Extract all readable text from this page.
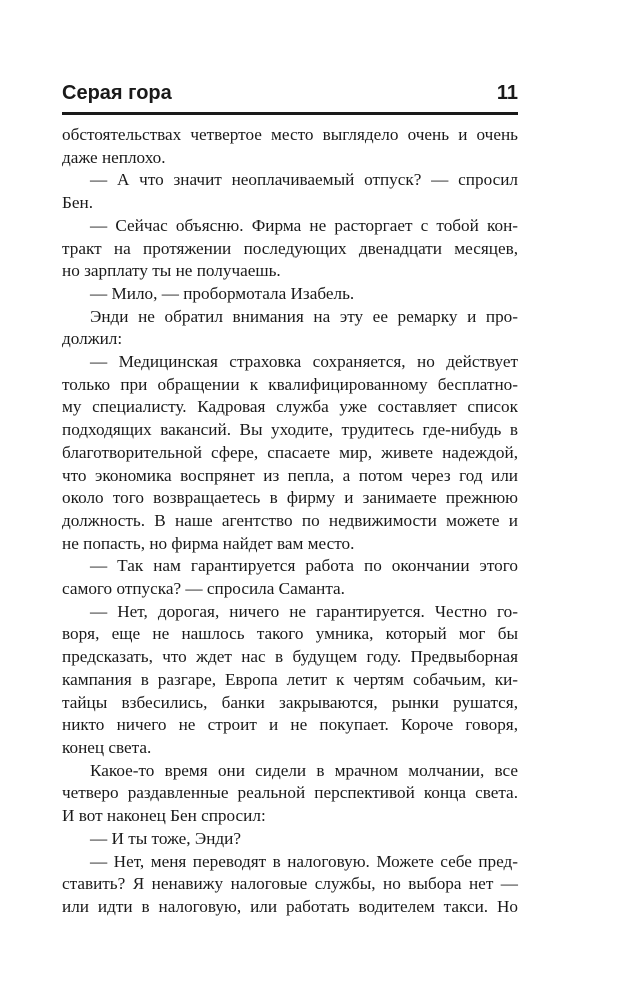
Серая гора	11

обстоятельствах четвертое место выглядело очень и очень

даже неплохо.

— А что значит неоплачиваемый отпуск? — спросил

Бен.

— Сейчас объясню. Фирма не расторгает с тобой кон-

тракт на протяжении последующих двенадцати месяцев,

но зарплату ты не получаешь.

— Мило, — пробормотала Изабель.

Энди не обратил внимания на эту ее ремарку и про-

должил:

— Медицинская страховка сохраняется, но действует

только при обращении к квалифицированному бесплатно-

му специалисту. Кадровая служба уже составляет список

подходящих вакансий. Вы уходите, трудитесь где-нибудь в

благотворительной сфере, спасаете мир, живете надеждой,

что экономика воспрянет из пепла, а потом через год или

около того возвращаетесь в фирму и занимаете прежнюю

должность. В наше агентство по недвижимости можете и

не попасть, но фирма найдет вам место.

— Так нам гарантируется работа по окончании этого

самого отпуска? — спросила Саманта.

— Нет, дорогая, ничего не гарантируется. Честно го-

воря, еще не нашлось такого умника, который мог бы

предсказать, что ждет нас в будущем году. Предвыборная

кампания в разгаре, Европа летит к чертям собачьим, ки-

тайцы взбесились, банки закрываются, рынки рушатся,

никто ничего не строит и не покупает. Короче говоря,

конец света.

Какое-то время они сидели в мрачном молчании, все

четверо раздавленные реальной перспективой конца света.

И вот наконец Бен спросил:

— И ты тоже, Энди?

— Нет, меня переводят в налоговую. Можете себе пред-

ставить? Я ненавижу налоговые службы, но выбора нет —

или идти в налоговую, или работать водителем такси. Но
